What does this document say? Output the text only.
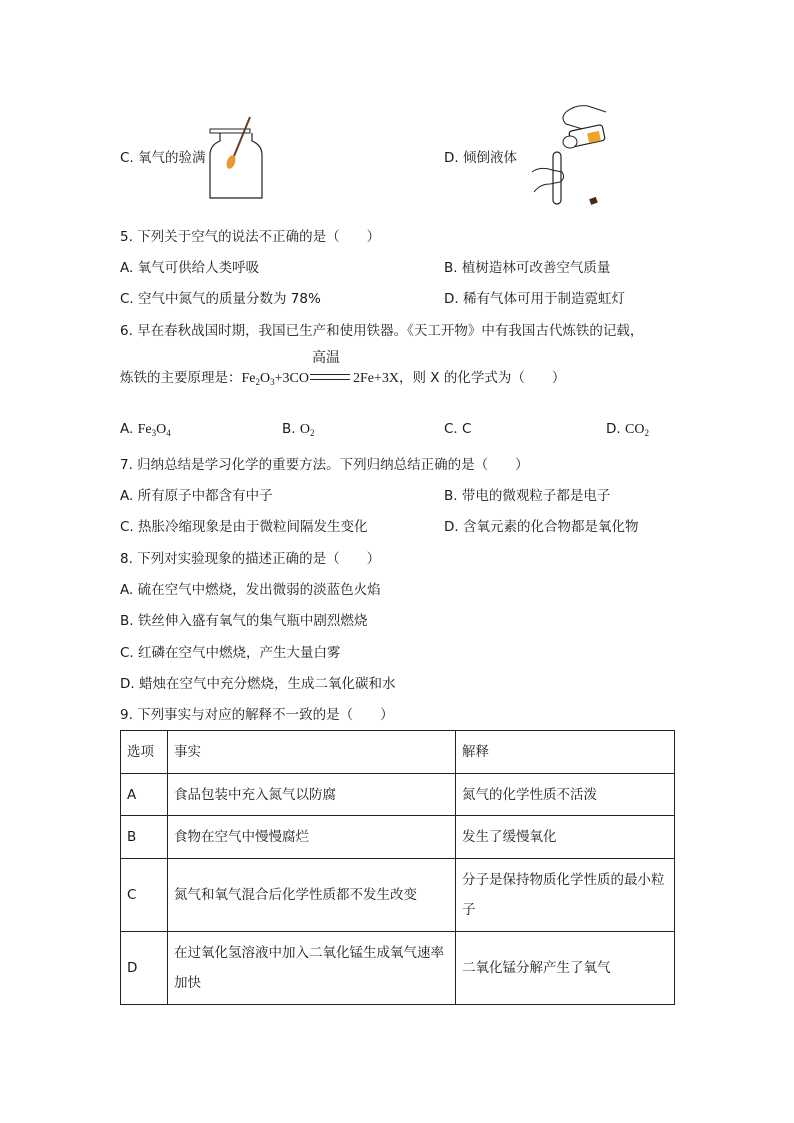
C. 氧气的验满	D. 倾倒液体
5. 下列关于空气的说法不正确的是（　　）
A. 氧气可供给人类呼吸	B. 植树造林可改善空气质量
C. 空气中氮气的质量分数为 78%	D. 稀有气体可用于制造霓虹灯
6. 早在春秋战国时期，我国已生产和使用铁器。《天工开物》中有我国古代炼铁的记载，
炼铁的主要原理是：$Fe_2O_3+3CO$
高温
2Fe+3X，则 X 的化学式为（　　）
A. $Fe_3O_4$	B. $O_2$	C. C	D. $CO_2$
7. 归纳总结是学习化学的重要方法。下列归纳总结正确的是（　　）
A. 所有原子中都含有中子	B. 带电的微观粒子都是电子
C. 热胀冷缩现象是由于微粒间隔发生变化	D. 含氧元素的化合物都是氧化物
8. 下列对实验现象的描述正确的是（　　）
A. 硫在空气中燃烧，发出微弱的淡蓝色火焰
B. 铁丝伸入盛有氧气的集气瓶中剧烈燃烧
C. 红磷在空气中燃烧，产生大量白雾
D. 蜡烛在空气中充分燃烧，生成二氧化碳和水
9. 下列事实与对应的解释不一致的是（　　）
选项	事实	解释
A	食品包装中充入氮气以防腐	氮气的化学性质不活泼
B	食物在空气中慢慢腐烂	发生了缓慢氧化
C	氮气和氧气混合后化学性质都不发生改变	分子是保持物质化学性质的最小粒子
D	在过氧化氢溶液中加入二氧化锰生成氧气速率加快	二氧化锰分解产生了氧气
